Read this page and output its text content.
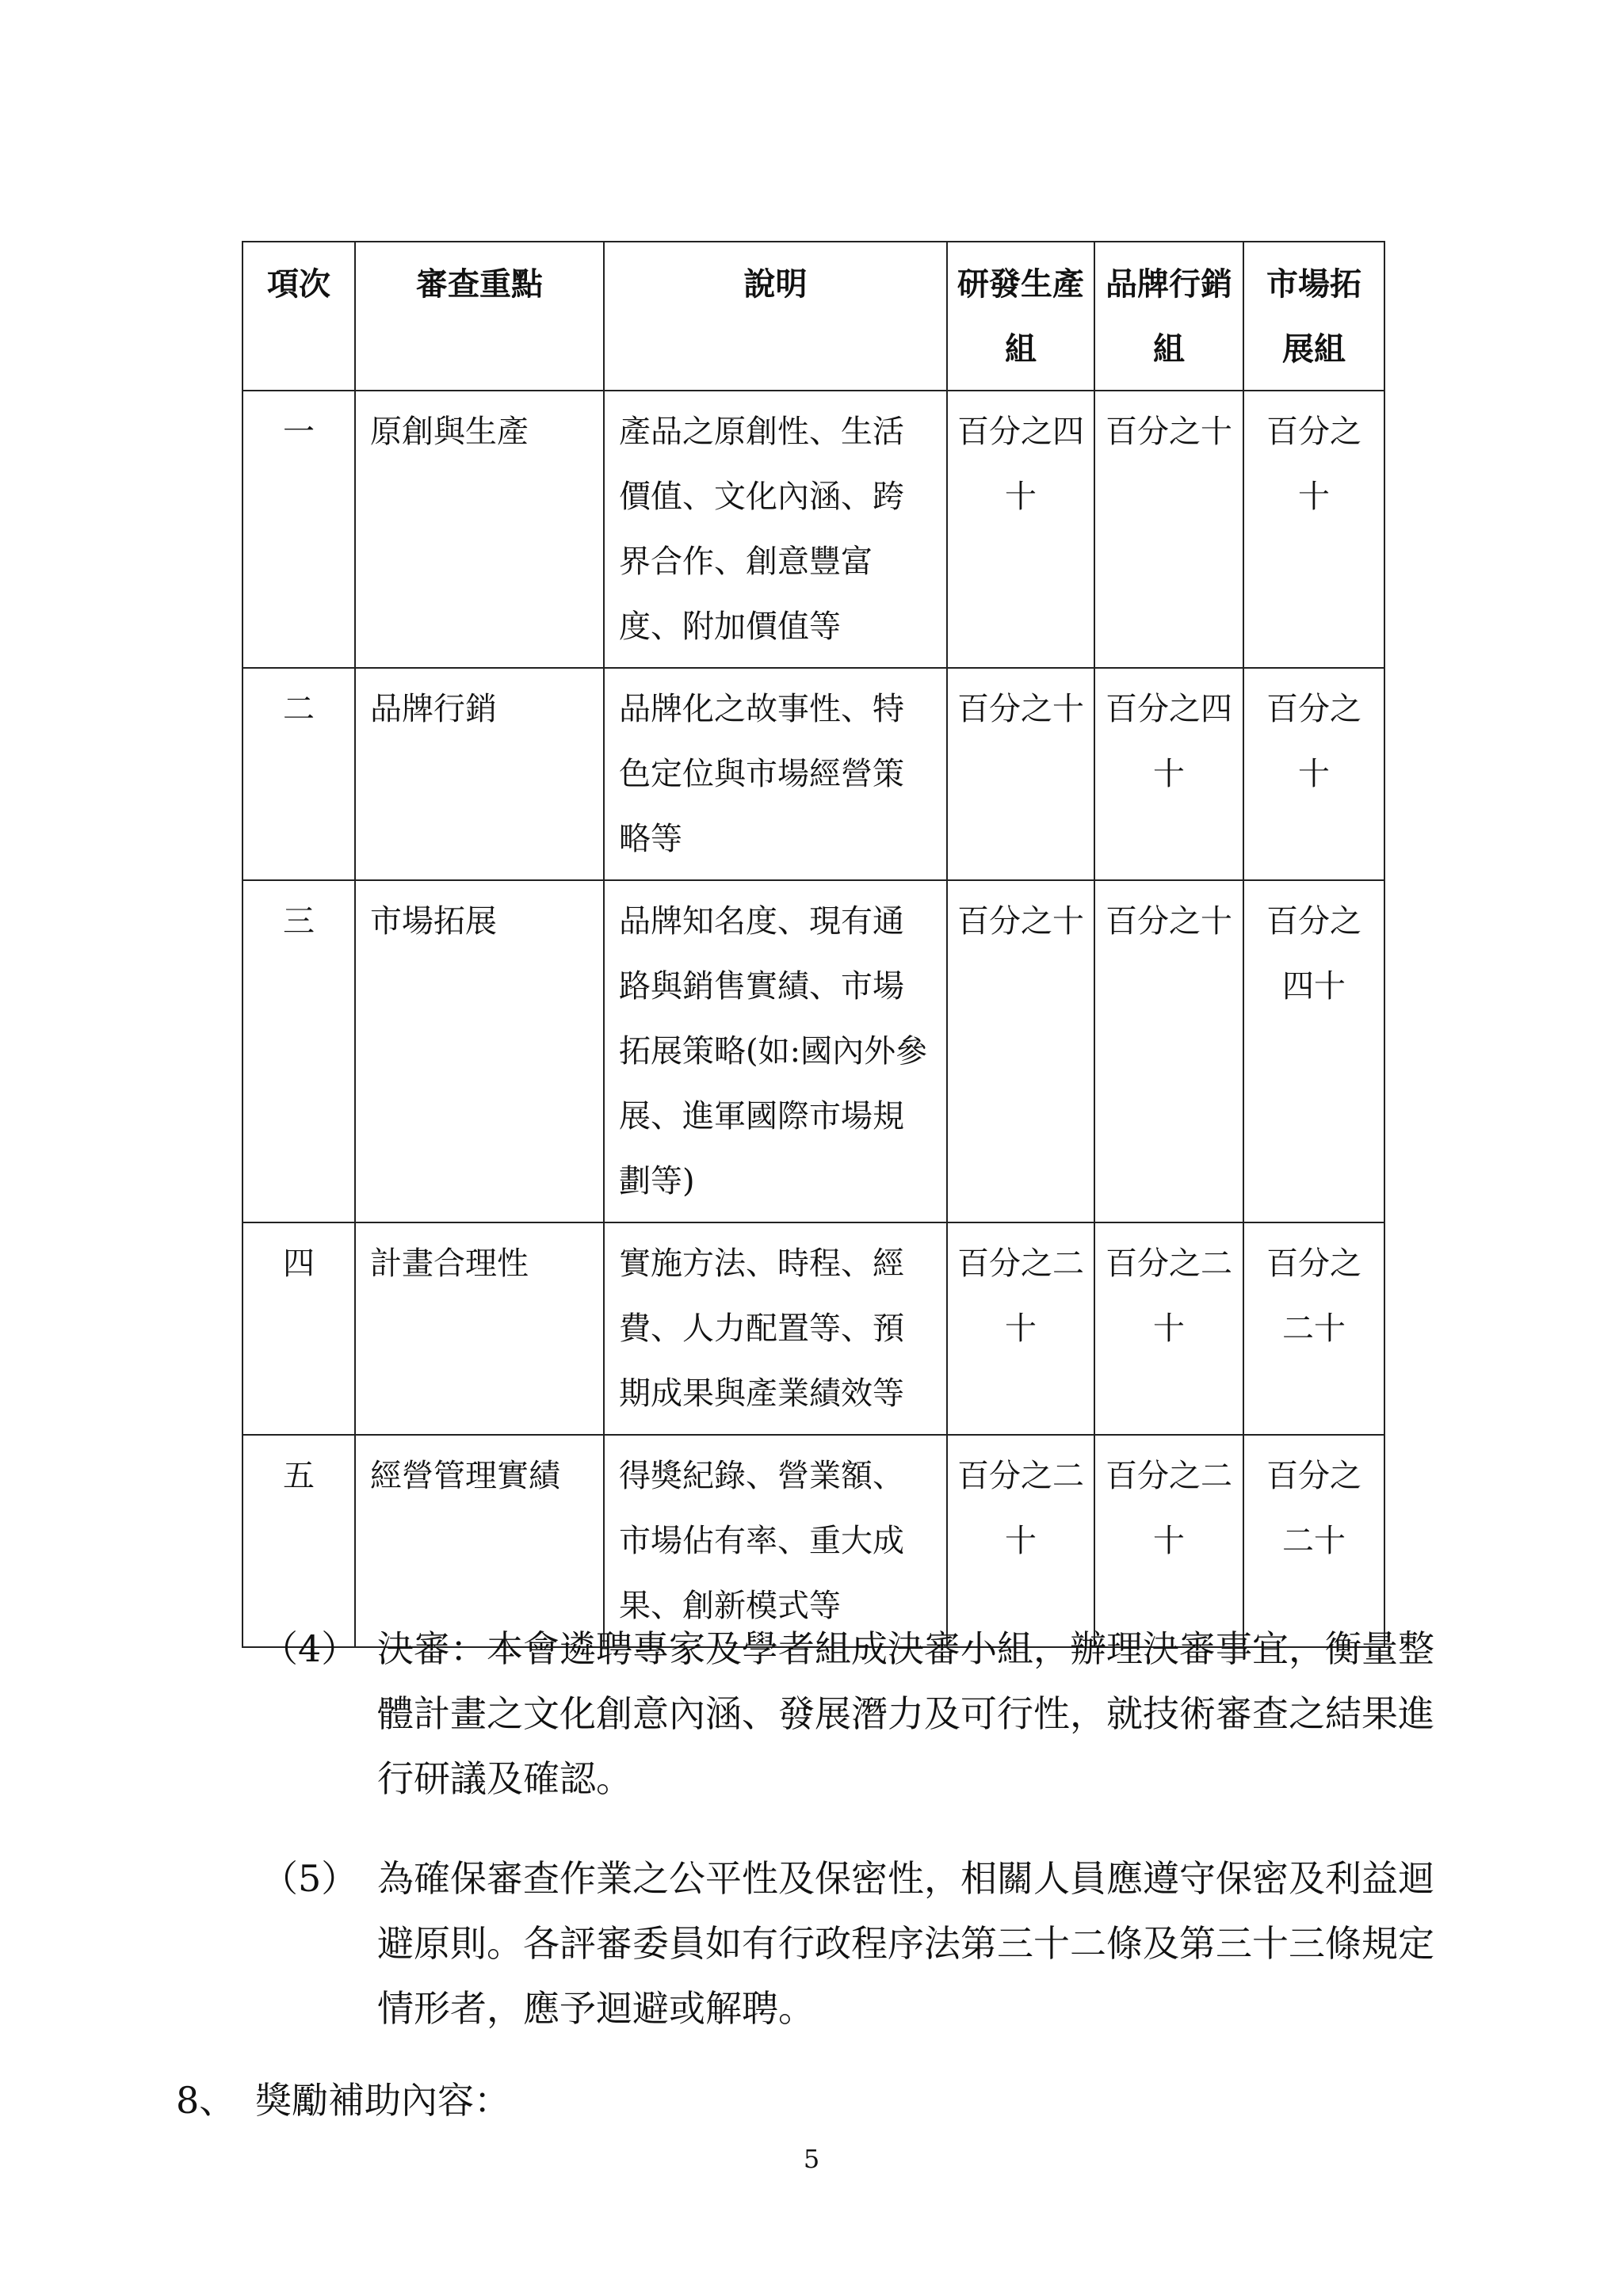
項次	審查重點	說明	研發生產組	品牌行銷組	市場拓展組
一	原創與生產	產品之原創性、生活價值、文化內涵、跨界合作、創意豐富度、附加價值等	百分之四十	百分之十	百分之十
二	品牌行銷	品牌化之故事性、特色定位與市場經營策略等	百分之十	百分之四十	百分之十
三	市場拓展	品牌知名度、現有通路與銷售實績、市場拓展策略(如:國內外參展、進軍國際市場規劃等)	百分之十	百分之十	百分之四十
四	計畫合理性	實施方法、時程、經費、人力配置等、預期成果與產業績效等	百分之二十	百分之二十	百分之二十
五	經營管理實績	得獎紀錄、營業額、市場佔有率、重大成果、創新模式等	百分之二十	百分之二十	百分之二十
（4） 決審：本會遴聘專家及學者組成決審小組，辦理決審事宜，衡量整體計畫之文化創意內涵、發展潛力及可行性，就技術審查之結果進行研議及確認。
（5） 為確保審查作業之公平性及保密性，相關人員應遵守保密及利益迴避原則。各評審委員如有行政程序法第三十二條及第三十三條規定情形者，應予迴避或解聘。
8、 獎勵補助內容：
5
